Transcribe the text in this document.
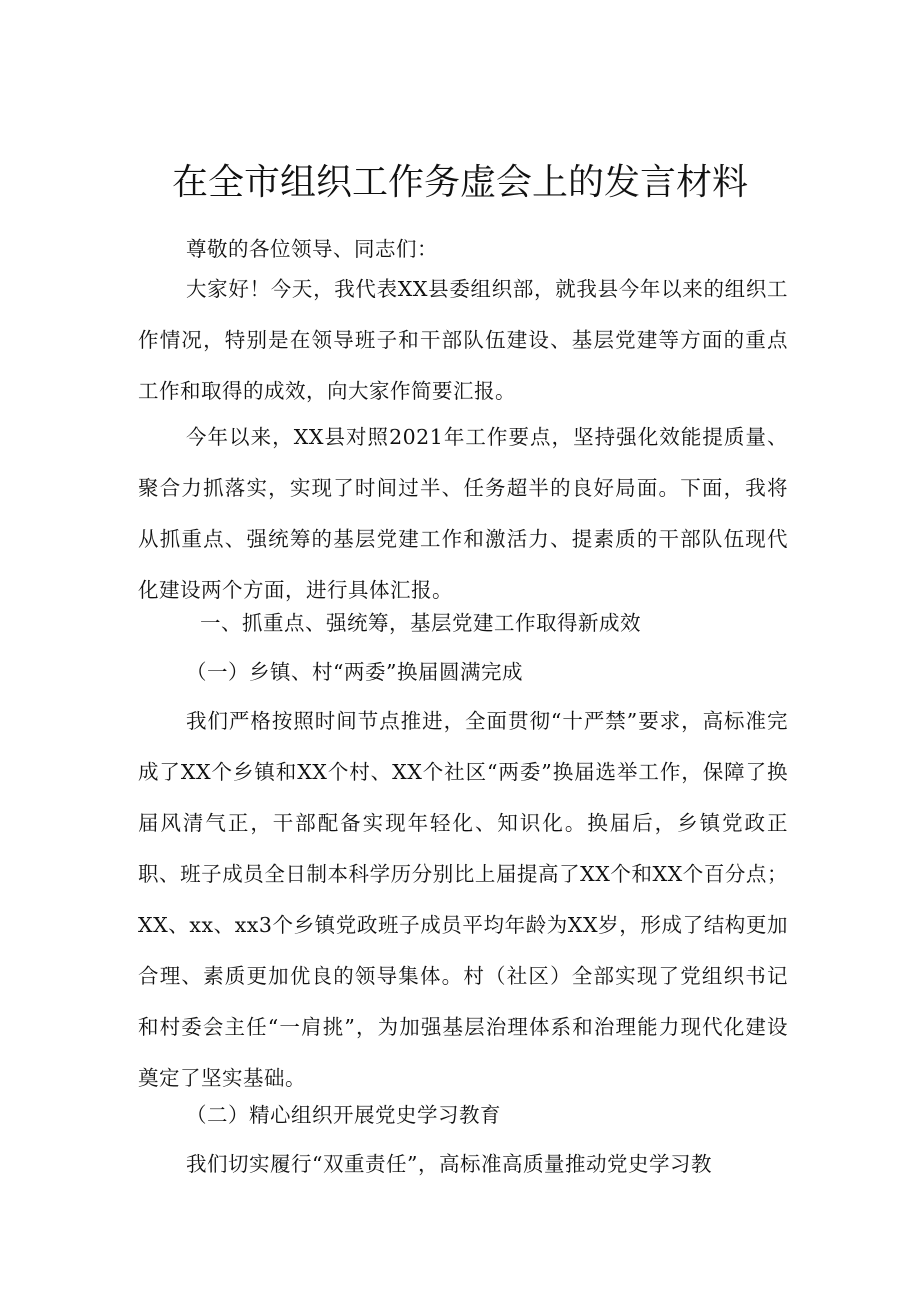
在全市组织工作务虚会上的发言材料

尊敬的各位领导、同志们：

大家好！今天，我代表XX县委组织部，就我县今年以来的组织工作情况，特别是在领导班子和干部队伍建设、基层党建等方面的重点工作和取得的成效，向大家作简要汇报。

今年以来，XX县对照2021年工作要点，坚持强化效能提质量、聚合力抓落实，实现了时间过半、任务超半的良好局面。下面，我将从抓重点、强统筹的基层党建工作和激活力、提素质的干部队伍现代化建设两个方面，进行具体汇报。

一、抓重点、强统筹，基层党建工作取得新成效

（一）乡镇、村“两委”换届圆满完成

我们严格按照时间节点推进，全面贯彻“十严禁”要求，高标准完成了XX个乡镇和XX个村、XX个社区“两委”换届选举工作，保障了换届风清气正，干部配备实现年轻化、知识化。换届后，乡镇党政正职、班子成员全日制本科学历分别比上届提高了XX个和XX个百分点；XX、xx、xx3个乡镇党政班子成员平均年龄为XX岁，形成了结构更加合理、素质更加优良的领导集体。村（社区）全部实现了党组织书记和村委会主任“一肩挑”，为加强基层治理体系和治理能力现代化建设奠定了坚实基础。

（二）精心组织开展党史学习教育

我们切实履行“双重责任”，高标准高质量推动党史学习教
